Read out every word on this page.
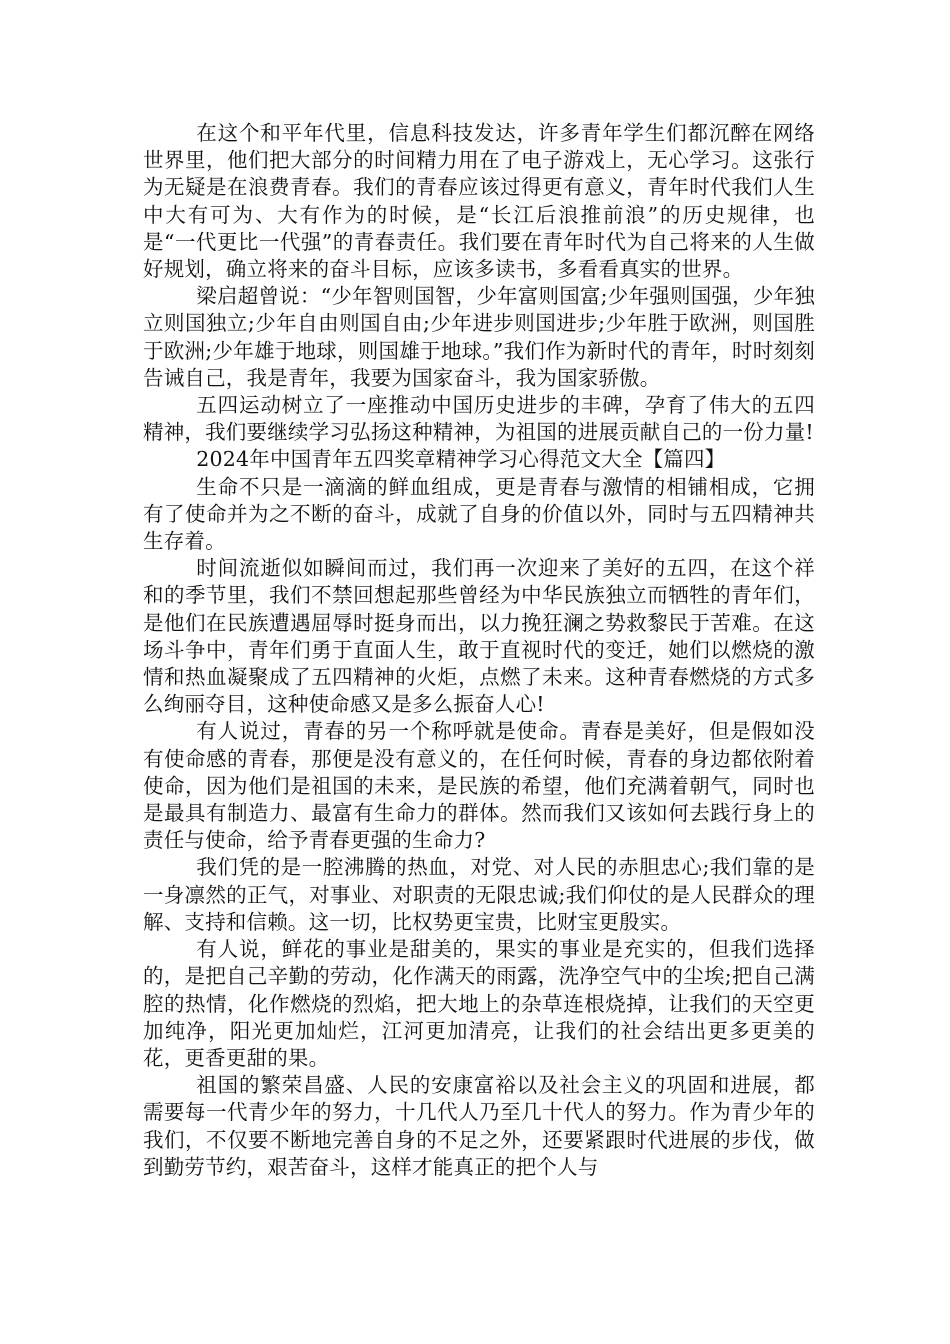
在这个和平年代里，信息科技发达，许多青年学生们都沉醉在网络世界里，他们把大部分的时间精力用在了电子游戏上，无心学习。这张行为无疑是在浪费青春。我们的青春应该过得更有意义，青年时代我们人生中大有可为、大有作为的时候，是“长江后浪推前浪”的历史规律，也是“一代更比一代强”的青春责任。我们要在青年时代为自己将来的人生做好规划，确立将来的奋斗目标，应该多读书，多看看真实的世界。

梁启超曾说：“少年智则国智，少年富则国富;少年强则国强，少年独立则国独立;少年自由则国自由;少年进步则国进步;少年胜于欧洲，则国胜于欧洲;少年雄于地球，则国雄于地球。”我们作为新时代的青年，时时刻刻告诫自己，我是青年，我要为国家奋斗，我为国家骄傲。

五四运动树立了一座推动中国历史进步的丰碑，孕育了伟大的五四精神，我们要继续学习弘扬这种精神，为祖国的进展贡献自己的一份力量!

2024年中国青年五四奖章精神学习心得范文大全【篇四】

生命不只是一滴滴的鲜血组成，更是青春与激情的相铺相成，它拥有了使命并为之不断的奋斗，成就了自身的价值以外，同时与五四精神共生存着。

时间流逝似如瞬间而过，我们再一次迎来了美好的五四，在这个祥和的季节里，我们不禁回想起那些曾经为中华民族独立而牺牲的青年们，是他们在民族遭遇屈辱时挺身而出，以力挽狂澜之势救黎民于苦难。在这场斗争中，青年们勇于直面人生，敢于直视时代的变迁，她们以燃烧的激情和热血凝聚成了五四精神的火炬，点燃了未来。这种青春燃烧的方式多么绚丽夺目，这种使命感又是多么振奋人心!

有人说过，青春的另一个称呼就是使命。青春是美好，但是假如没有使命感的青春，那便是没有意义的，在任何时候，青春的身边都依附着使命，因为他们是祖国的未来，是民族的希望，他们充满着朝气，同时也是最具有制造力、最富有生命力的群体。然而我们又该如何去践行身上的责任与使命，给予青春更强的生命力?

我们凭的是一腔沸腾的热血，对党、对人民的赤胆忠心;我们靠的是一身凛然的正气，对事业、对职责的无限忠诚;我们仰仗的是人民群众的理解、支持和信赖。这一切，比权势更宝贵，比财宝更殷实。

有人说，鲜花的事业是甜美的，果实的事业是充实的，但我们选择的，是把自己辛勤的劳动，化作满天的雨露，洗净空气中的尘埃;把自己满腔的热情，化作燃烧的烈焰，把大地上的杂草连根烧掉，让我们的天空更加纯净，阳光更加灿烂，江河更加清亮，让我们的社会结出更多更美的花，更香更甜的果。

祖国的繁荣昌盛、人民的安康富裕以及社会主义的巩固和进展，都需要每一代青少年的努力，十几代人乃至几十代人的努力。作为青少年的我们，不仅要不断地完善自身的不足之外，还要紧跟时代进展的步伐，做到勤劳节约，艰苦奋斗，这样才能真正的把个人与
